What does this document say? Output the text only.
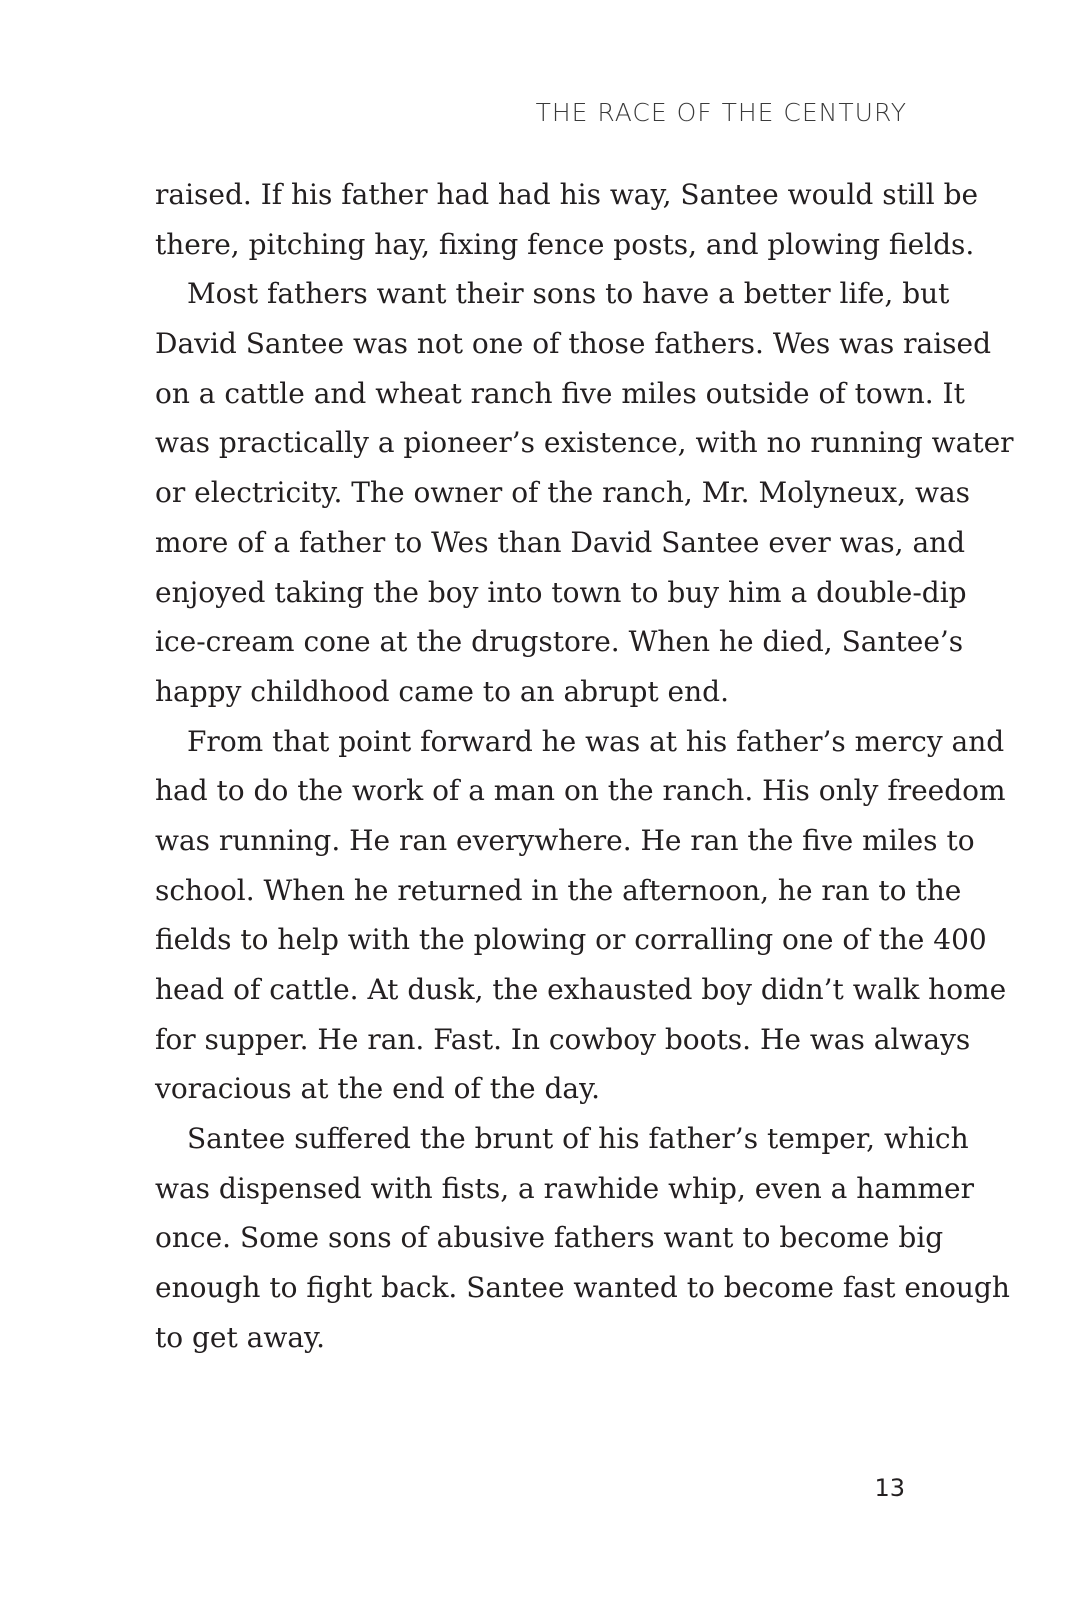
THE RACE OF THE CENTURY
raised. If his father had had his way, Santee would still be
there, pitching hay, fixing fence posts, and plowing fields.
Most fathers want their sons to have a better life, but
David Santee was not one of those fathers. Wes was raised
on a cattle and wheat ranch five miles outside of town. It
was practically a pioneer’s existence, with no running water
or electricity. The owner of the ranch, Mr. Molyneux, was
more of a father to Wes than David Santee ever was, and
enjoyed taking the boy into town to buy him a double-dip
ice-cream cone at the drugstore. When he died, Santee’s
happy childhood came to an abrupt end.
From that point forward he was at his father’s mercy and
had to do the work of a man on the ranch. His only freedom
was running. He ran everywhere. He ran the five miles to
school. When he returned in the afternoon, he ran to the
fields to help with the plowing or corralling one of the 400
head of cattle. At dusk, the exhausted boy didn’t walk home
for supper. He ran. Fast. In cowboy boots. He was always
voracious at the end of the day.
Santee suffered the brunt of his father’s temper, which
was dispensed with fists, a rawhide whip, even a hammer
once. Some sons of abusive fathers want to become big
enough to fight back. Santee wanted to become fast enough
to get away.
13
